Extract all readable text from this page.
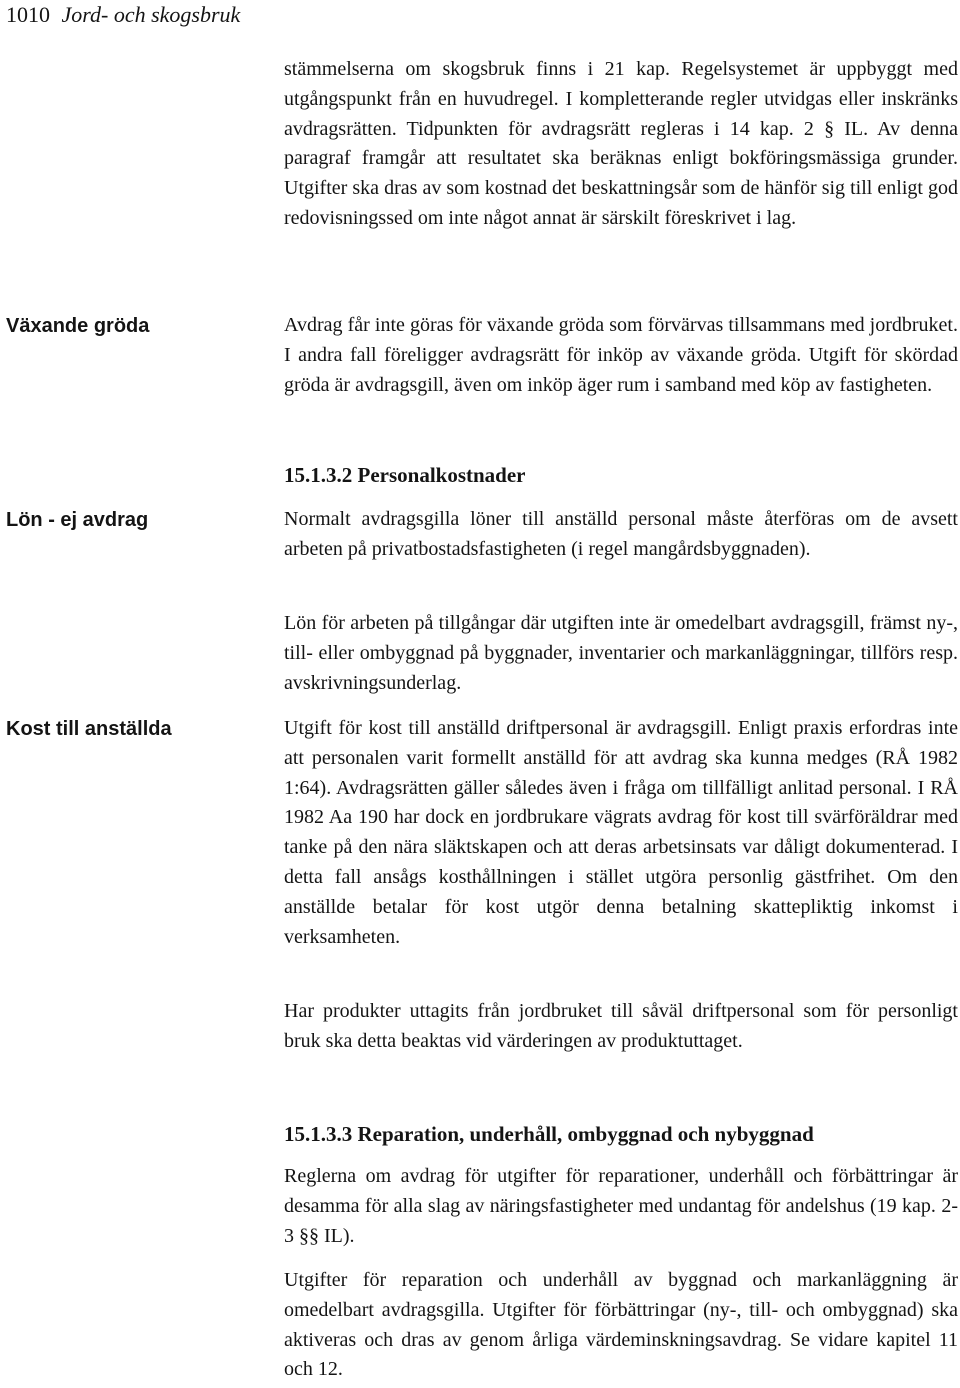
1010 Jord- och skogsbruk

stämmelserna om skogsbruk finns i 21 kap. Regelsystemet är uppbyggt med utgångspunkt från en huvudregel. I kompletterande regler utvidgas eller inskränks avdragsrätten. Tidpunkten för avdragsrätt regleras i 14 kap. 2 § IL. Av denna paragraf framgår att resultatet ska beräknas enligt bokföringsmässiga grunder. Utgifter ska dras av som kostnad det beskattningsår som de hänför sig till enligt god redovisningssed om inte något annat är särskilt föreskrivet i lag.

Växande gröda	Avdrag får inte göras för växande gröda som förvärvas tillsammans med jordbruket. I andra fall föreligger avdragsrätt för inköp av växande gröda. Utgift för skördad gröda är avdragsgill, även om inköp äger rum i samband med köp av fastigheten.

15.1.3.2 Personalkostnader

Lön - ej avdrag	Normalt avdragsgilla löner till anställd personal måste återföras om de avsett arbeten på privatbostadsfastigheten (i regel mangårdsbyggnaden).

Lön för arbeten på tillgångar där utgiften inte är omedelbart avdragsgill, främst ny-, till- eller ombyggnad på byggnader, inventarier och markanläggningar, tillförs resp. avskrivningsunderlag.

Kost till anställda	Utgift för kost till anställd driftpersonal är avdragsgill. Enligt praxis erfordras inte att personalen varit formellt anställd för att avdrag ska kunna medges (RÅ 1982 1:64). Avdragsrätten gäller således även i fråga om tillfälligt anlitad personal. I RÅ 1982 Aa 190 har dock en jordbrukare vägrats avdrag för kost till svärföräldrar med tanke på den nära släktskapen och att deras arbetsinsats var dåligt dokumenterad. I detta fall ansågs kosthållningen i stället utgöra personlig gästfrihet. Om den anställde betalar för kost utgör denna betalning skattepliktig inkomst i verksamheten.

Har produkter uttagits från jordbruket till såväl driftpersonal som för personligt bruk ska detta beaktas vid värderingen av produktuttaget.

15.1.3.3 Reparation, underhåll, ombyggnad och nybyggnad

Reglerna om avdrag för utgifter för reparationer, underhåll och förbättringar är desamma för alla slag av näringsfastigheter med undantag för andelshus (19 kap. 2-3 §§ IL).

Utgifter för reparation och underhåll av byggnad och markanläggning är omedelbart avdragsgilla. Utgifter för förbättringar (ny-, till- och ombyggnad) ska aktiveras och dras av genom årliga värdeminskningsavdrag. Se vidare kapitel 11 och 12.
